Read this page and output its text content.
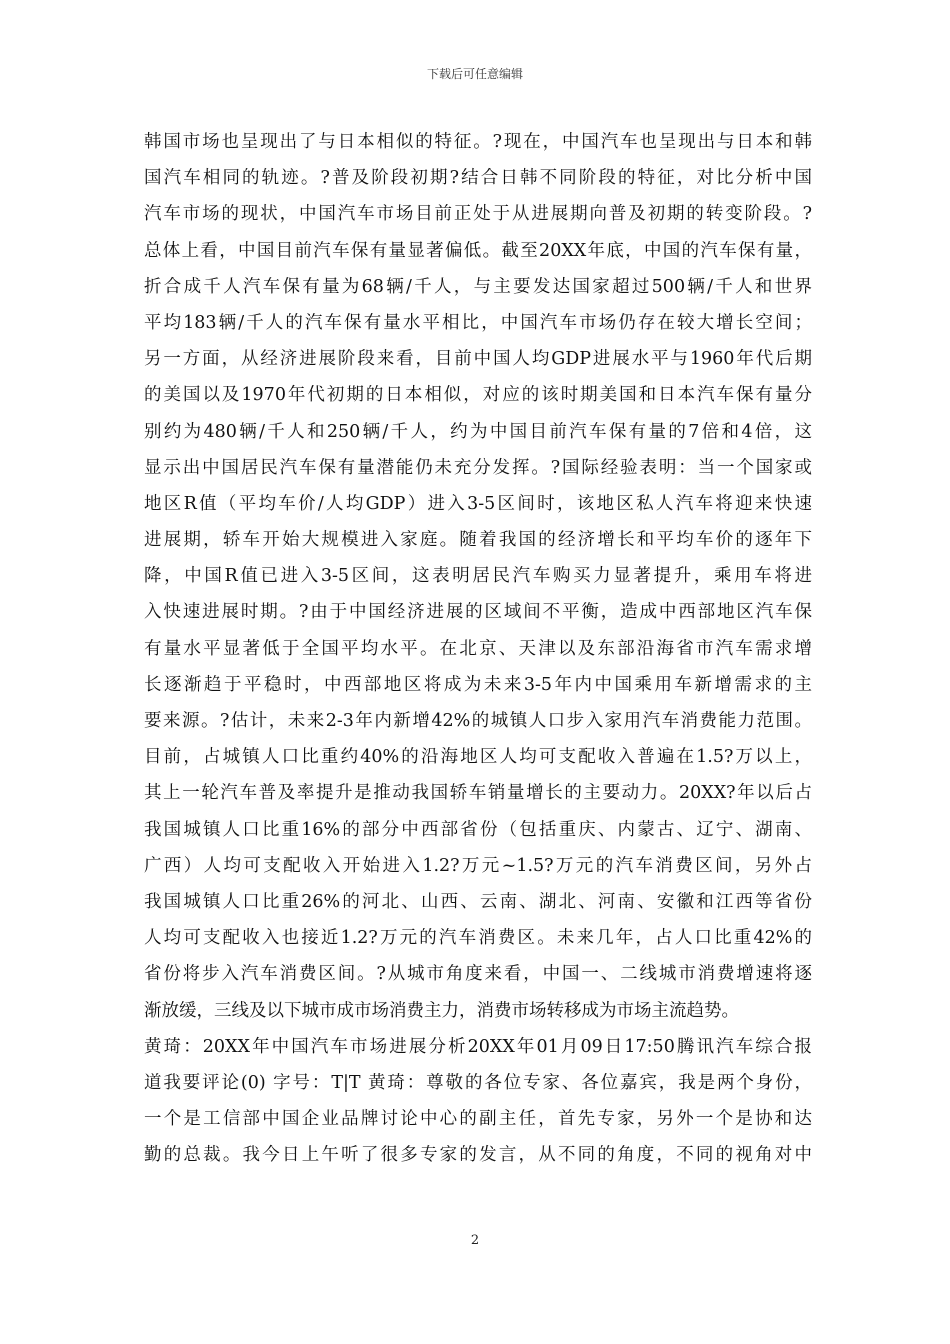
下载后可任意编辑
韩国市场也呈现出了与日本相似的特征。?现在，中国汽车也呈现出与日本和韩
国汽车相同的轨迹。?普及阶段初期?结合日韩不同阶段的特征，对比分析中国
汽车市场的现状，中国汽车市场目前正处于从进展期向普及初期的转变阶段。?
总体上看，中国目前汽车保有量显著偏低。截至20XX年底，中国的汽车保有量，
折合成千人汽车保有量为68辆/千人，与主要发达国家超过500辆/千人和世界
平均183辆/千人的汽车保有量水平相比，中国汽车市场仍存在较大增长空间；
另一方面，从经济进展阶段来看，目前中国人均GDP进展水平与1960年代后期
的美国以及1970年代初期的日本相似，对应的该时期美国和日本汽车保有量分
别约为480辆/千人和250辆/千人，约为中国目前汽车保有量的7倍和4倍，这
显示出中国居民汽车保有量潜能仍未充分发挥。?国际经验表明：当一个国家或
地区R值（平均车价/人均GDP）进入3-5区间时，该地区私人汽车将迎来快速
进展期，轿车开始大规模进入家庭。随着我国的经济增长和平均车价的逐年下
降，中国R值已进入3-5区间，这表明居民汽车购买力显著提升，乘用车将进
入快速进展时期。?由于中国经济进展的区域间不平衡，造成中西部地区汽车保
有量水平显著低于全国平均水平。在北京、天津以及东部沿海省市汽车需求增
长逐渐趋于平稳时，中西部地区将成为未来3-5年内中国乘用车新增需求的主
要来源。?估计，未来2-3年内新增42%的城镇人口步入家用汽车消费能力范围。
目前，占城镇人口比重约40%的沿海地区人均可支配收入普遍在1.5?万以上，
其上一轮汽车普及率提升是推动我国轿车销量增长的主要动力。20XX?年以后占
我国城镇人口比重16%的部分中西部省份（包括重庆、内蒙古、辽宁、湖南、
广西）人均可支配收入开始进入1.2?万元~1.5?万元的汽车消费区间，另外占
我国城镇人口比重26%的河北、山西、云南、湖北、河南、安徽和江西等省份
人均可支配收入也接近1.2?万元的汽车消费区。未来几年，占人口比重42%的
省份将步入汽车消费区间。?从城市角度来看，中国一、二线城市消费增速将逐
渐放缓，三线及以下城市成市场消费主力，消费市场转移成为市场主流趋势。
黄琦：20XX年中国汽车市场进展分析20XX年01月09日17:50腾讯汽车综合报
道我要评论(0) 字号：T|T 黄琦：尊敬的各位专家、各位嘉宾，我是两个身份，
一个是工信部中国企业品牌讨论中心的副主任，首先专家，另外一个是协和达
勤的总裁。我今日上午听了很多专家的发言，从不同的角度，不同的视角对中
2
